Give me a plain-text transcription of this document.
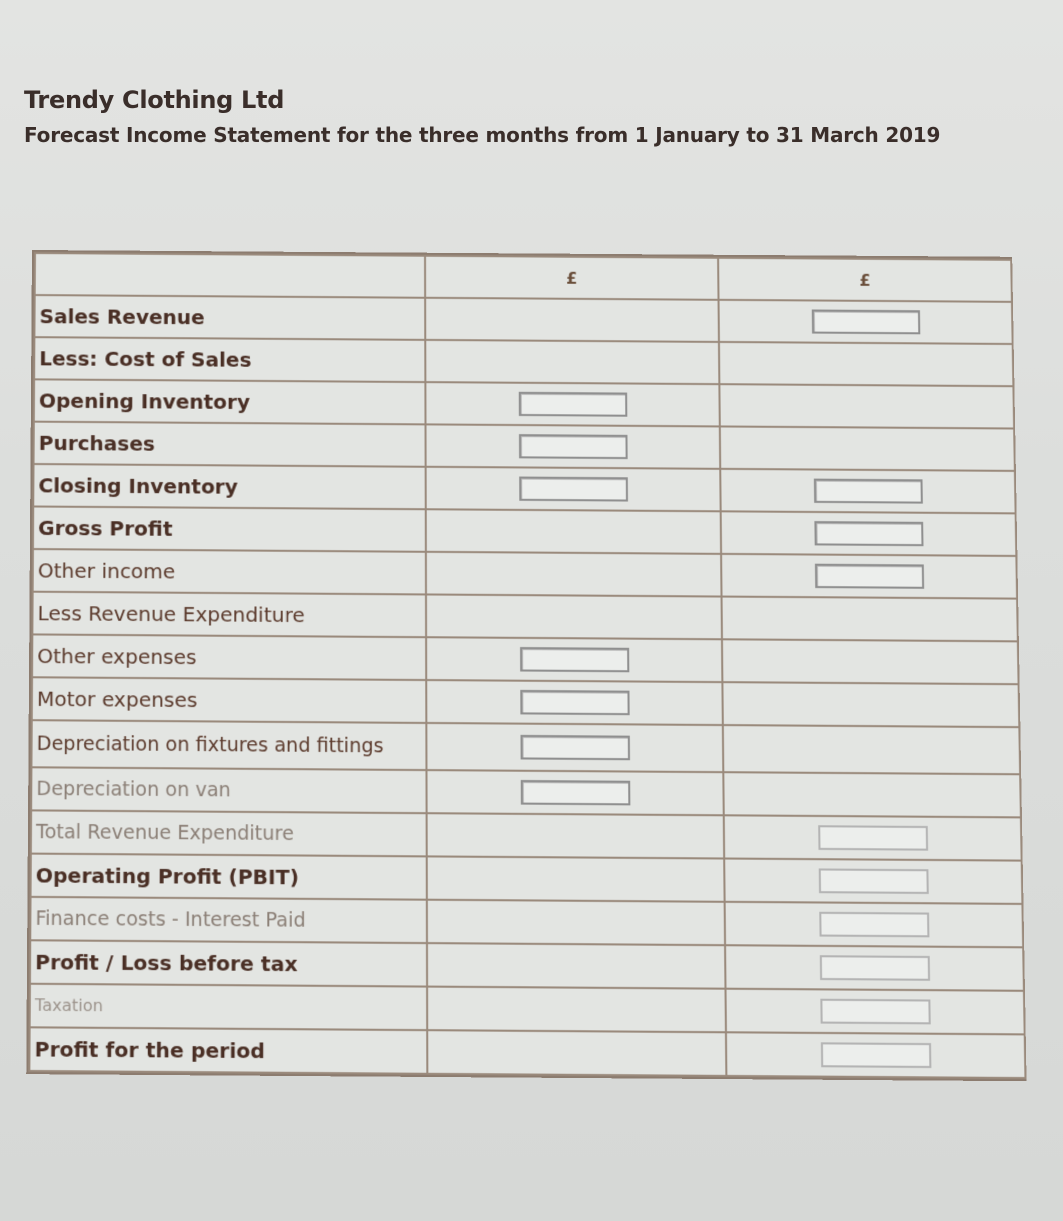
Trendy Clothing Ltd
Forecast Income Statement for the three months from 1 January to 31 March 2019
	£	£
Sales Revenue		
Less: Cost of Sales		
Opening Inventory		
Purchases		
Closing Inventory		
Gross Profit		
Other income		
Less Revenue Expenditure		
Other expenses		
Motor expenses		
Depreciation on fixtures and fittings		
Depreciation on van		
Total Revenue Expenditure		
Operating Profit (PBIT)		
Finance costs - Interest Paid		
Profit / Loss before tax		
Taxation		
Profit for the period		
